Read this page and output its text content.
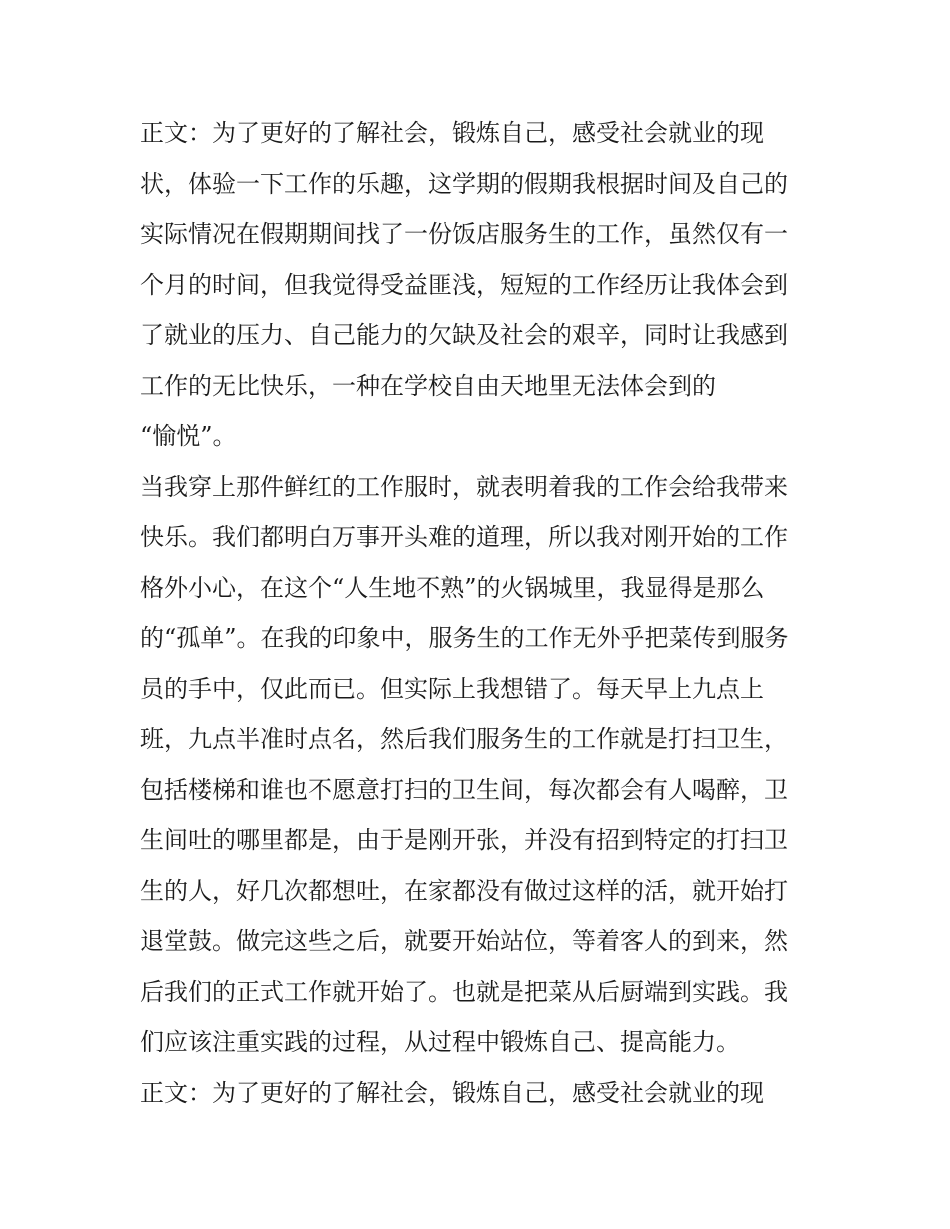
正文：为了更好的了解社会，锻炼自己，感受社会就业的现
状，体验一下工作的乐趣，这学期的假期我根据时间及自己的
实际情况在假期期间找了一份饭店服务生的工作，虽然仅有一
个月的时间，但我觉得受益匪浅，短短的工作经历让我体会到
了就业的压力、自己能力的欠缺及社会的艰辛，同时让我感到
工作的无比快乐，一种在学校自由天地里无法体会到的
“愉悦”。
当我穿上那件鲜红的工作服时，就表明着我的工作会给我带来
快乐。我们都明白万事开头难的道理，所以我对刚开始的工作
格外小心，在这个“人生地不熟”的火锅城里，我显得是那么
的“孤单”。在我的印象中，服务生的工作无外乎把菜传到服务
员的手中，仅此而已。但实际上我想错了。每天早上九点上
班，九点半准时点名，然后我们服务生的工作就是打扫卫生，
包括楼梯和谁也不愿意打扫的卫生间，每次都会有人喝醉，卫
生间吐的哪里都是，由于是刚开张，并没有招到特定的打扫卫
生的人，好几次都想吐，在家都没有做过这样的活，就开始打
退堂鼓。做完这些之后，就要开始站位，等着客人的到来，然
后我们的正式工作就开始了。也就是把菜从后厨端到实践。我
们应该注重实践的过程，从过程中锻炼自己、提高能力。
正文：为了更好的了解社会，锻炼自己，感受社会就业的现
